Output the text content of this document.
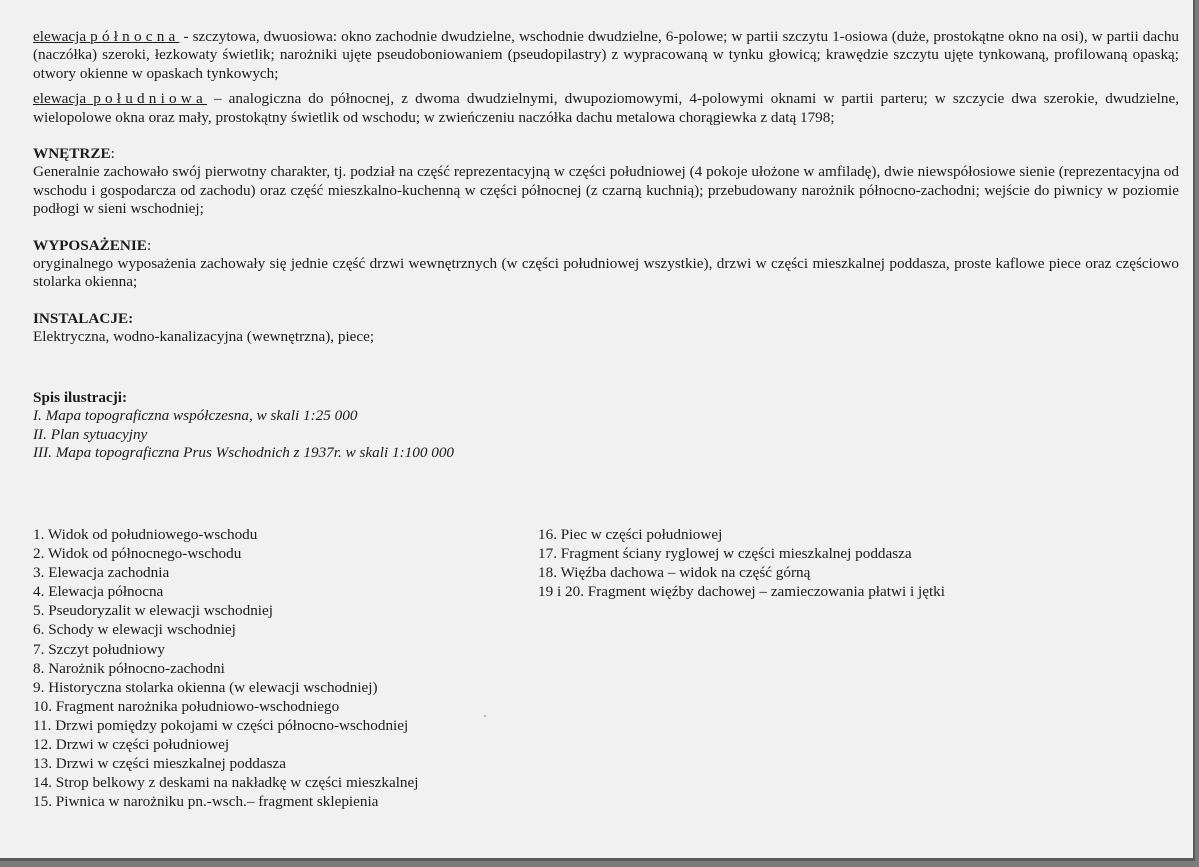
elewacja północna - szczytowa, dwuosiowa: okno zachodnie dwudzielne, wschodnie dwudzielne, 6-polowe; w partii szczytu 1-osiowa (duże, prostokątne okno na osi), w partii dachu (naczółka) szeroki, łezkowaty świetlik; narożniki ujęte pseudoboniowaniem (pseudopilastry) z wypracowaną w tynku głowicą; krawędzie szczytu ujęte tynkowaną, profilowaną opaską; otwory okienne w opaskach tynkowych;

elewacja południowa – analogiczna do północnej, z dwoma dwudzielnymi, dwupoziomowymi, 4-polowymi oknami w partii parteru; w szczycie dwa szerokie, dwudzielne, wielopolowe okna oraz mały, prostokątny świetlik od wschodu; w zwieńczeniu naczółka dachu metalowa chorągiewka z datą 1798;

WNĘTRZE:

Generalnie zachowało swój pierwotny charakter, tj. podział na część reprezentacyjną w części południowej (4 pokoje ułożone w amfiladę), dwie niewspółosiowe sienie (reprezentacyjna od wschodu i gospodarcza od zachodu) oraz część mieszkalno-kuchenną w części północnej (z czarną kuchnią); przebudowany narożnik północno-zachodni; wejście do piwnicy w poziomie podłogi w sieni wschodniej;

WYPOSAŻENIE:

oryginalnego wyposażenia zachowały się jednie część drzwi wewnętrznych (w części południowej wszystkie), drzwi w części mieszkalnej poddasza, proste kaflowe piece oraz częściowo stolarka okienna;

INSTALACJE:

Elektryczna, wodno-kanalizacyjna (wewnętrzna), piece;

Spis ilustracji:

I. Mapa topograficzna współczesna, w skali 1:25 000

II. Plan sytuacyjny

III. Mapa topograficzna Prus Wschodnich z 1937r. w skali 1:100 000

1. Widok od południowego-wschodu
2. Widok od północnego-wschodu
3. Elewacja zachodnia
4. Elewacja północna
5. Pseudoryzalit w elewacji wschodniej
6. Schody w elewacji wschodniej
7. Szczyt południowy
8. Narożnik północno-zachodni
9. Historyczna stolarka okienna (w elewacji wschodniej)
10. Fragment narożnika południowo-wschodniego
11. Drzwi pomiędzy pokojami w części północno-wschodniej
12. Drzwi w części południowej
13. Drzwi w części mieszkalnej poddasza
14. Strop belkowy z deskami na nakładkę w części mieszkalnej
15. Piwnica w narożniku pn.-wsch.– fragment sklepienia
16. Piec w części południowej
17. Fragment ściany ryglowej w części mieszkalnej poddasza
18. Więźba dachowa – widok na część górną
19 i 20. Fragment więźby dachowej – zamieczowania płatwi i jętki
